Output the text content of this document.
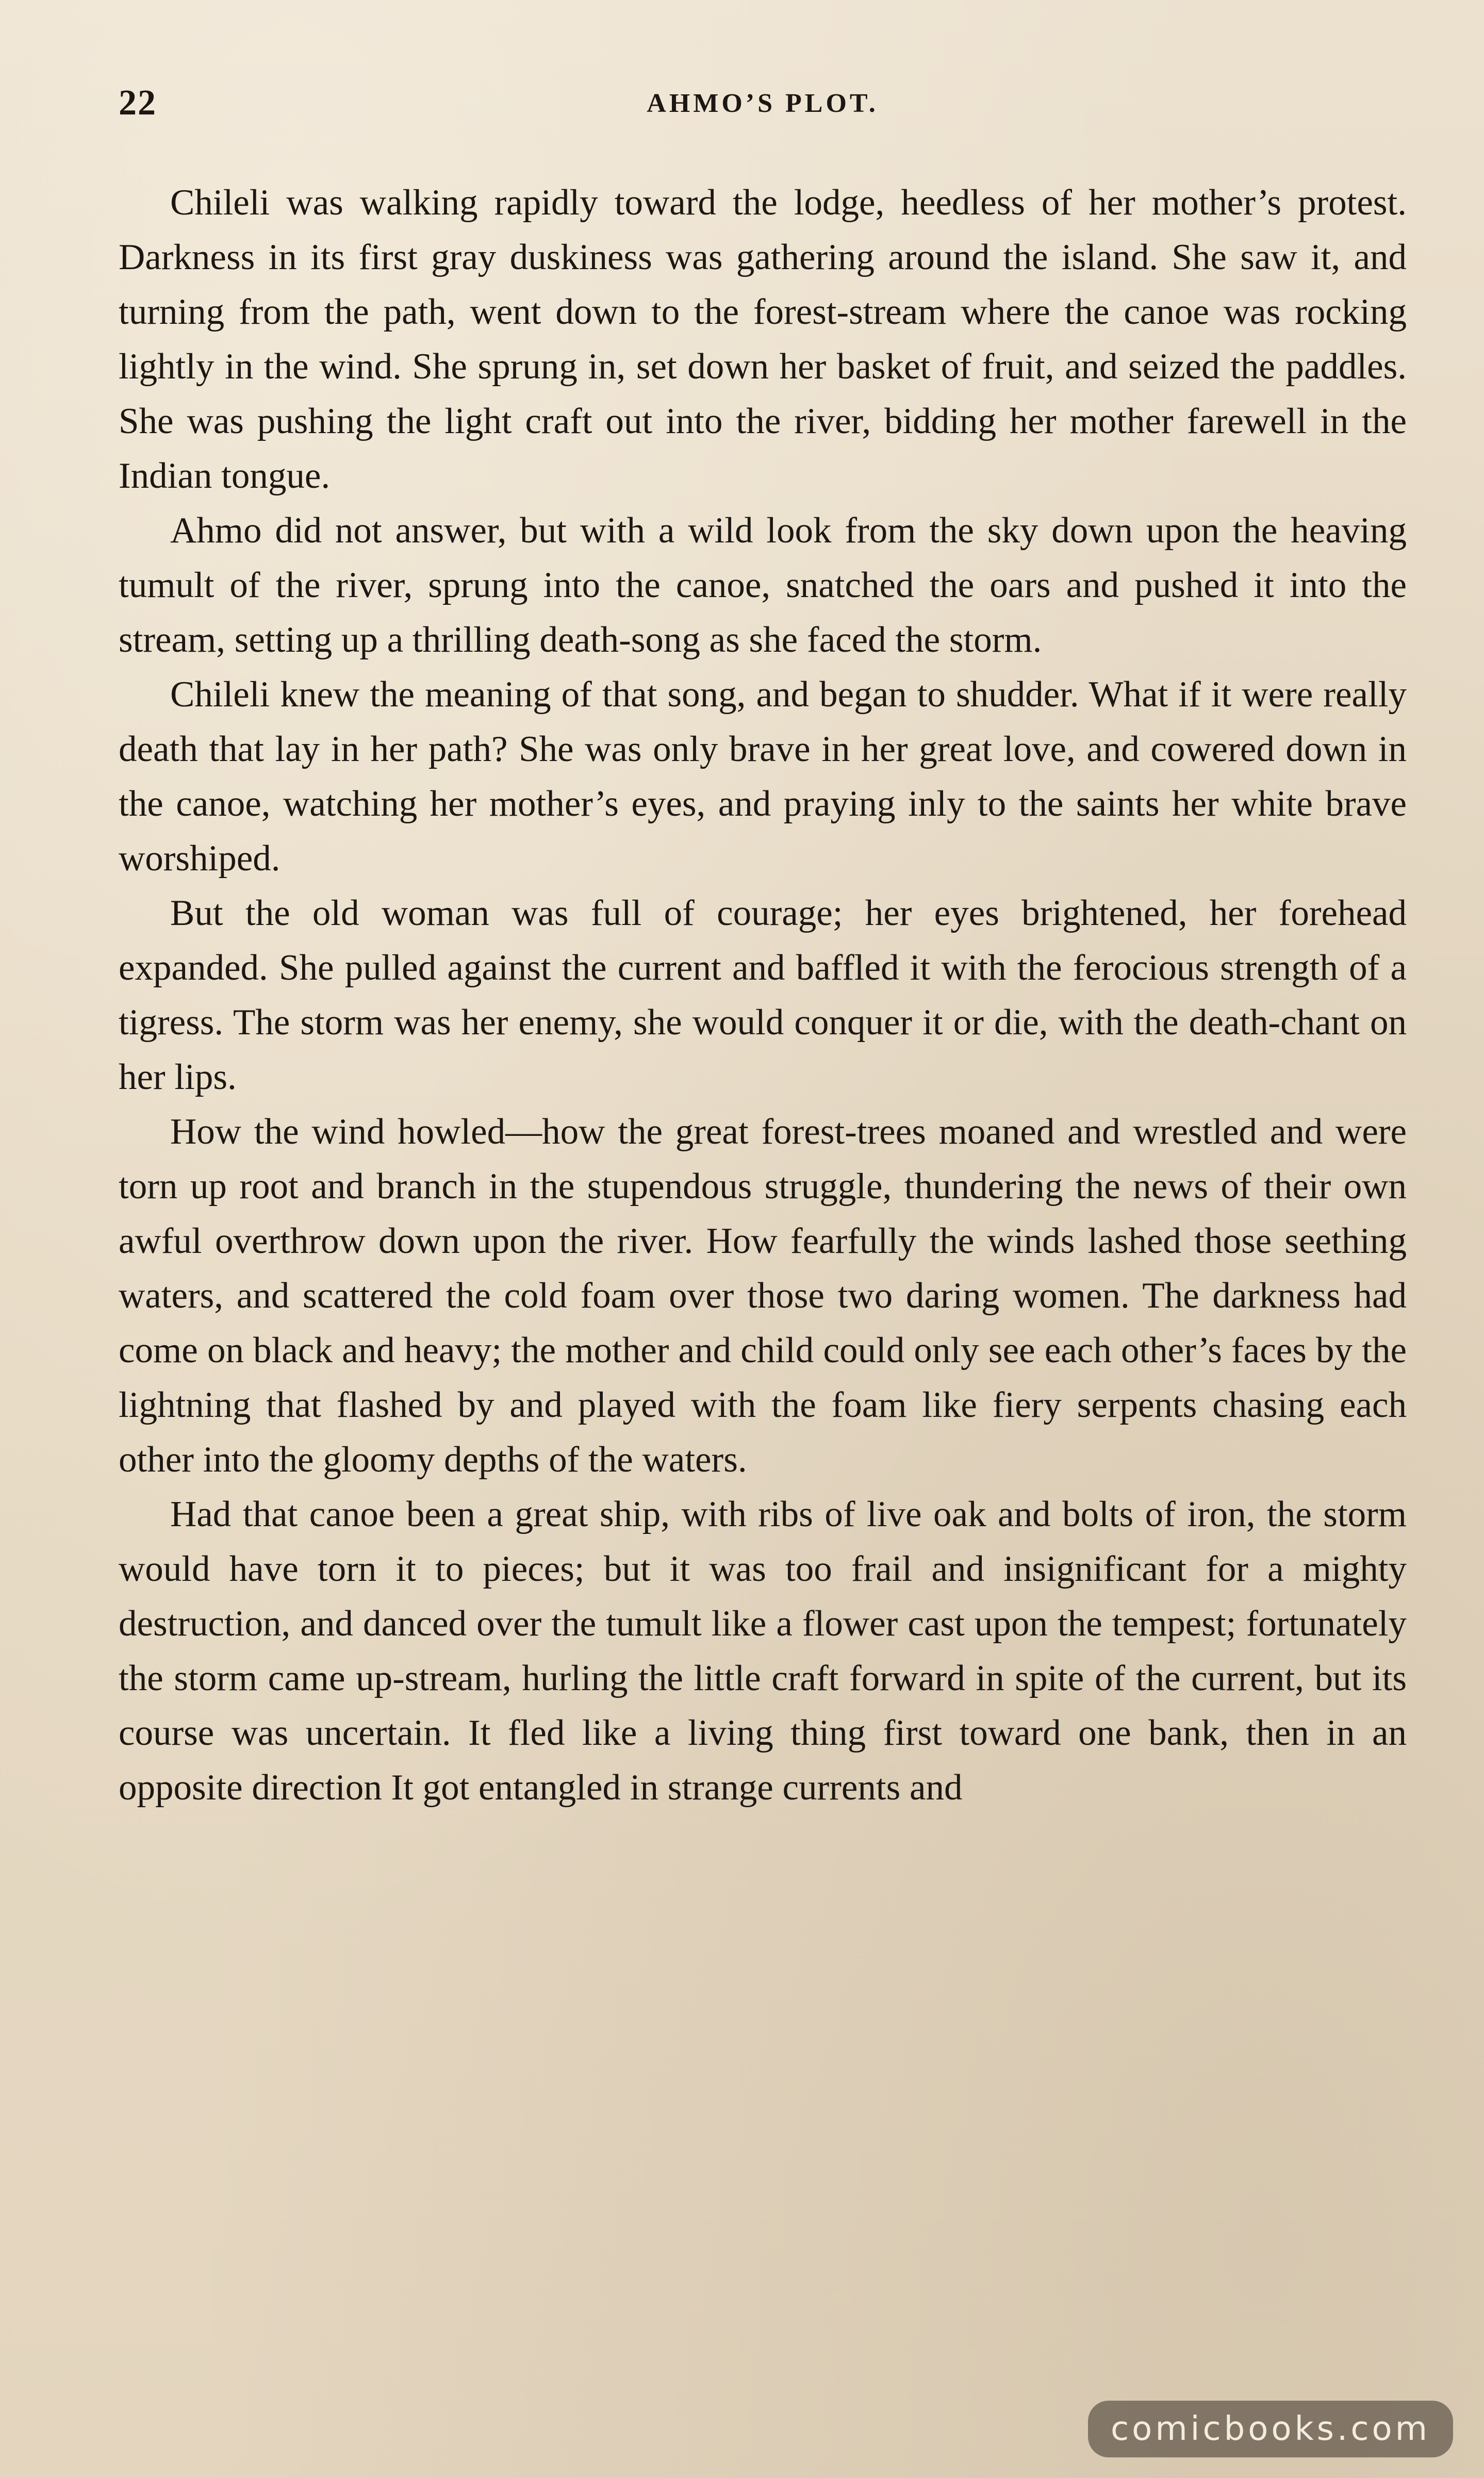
22	AHMO’S PLOT.

Chileli was walking rapidly toward the lodge, heedless of her mother’s protest. Darkness in its first gray duskiness was gathering around the island. She saw it, and turning from the path, went down to the forest-stream where the canoe was rocking lightly in the wind. She sprung in, set down her basket of fruit, and seized the paddles. She was pushing the light craft out into the river, bidding her mother farewell in the Indian tongue.

Ahmo did not answer, but with a wild look from the sky down upon the heaving tumult of the river, sprung into the canoe, snatched the oars and pushed it into the stream, setting up a thrilling death-song as she faced the storm.

Chileli knew the meaning of that song, and began to shudder. What if it were really death that lay in her path? She was only brave in her great love, and cowered down in the canoe, watching her mother’s eyes, and praying inly to the saints her white brave worshiped.

But the old woman was full of courage; her eyes brightened, her forehead expanded. She pulled against the current and baffled it with the ferocious strength of a tigress. The storm was her enemy, she would conquer it or die, with the death-chant on her lips.

How the wind howled—how the great forest-trees moaned and wrestled and were torn up root and branch in the stupendous struggle, thundering the news of their own awful overthrow down upon the river. How fearfully the winds lashed those seething waters, and scattered the cold foam over those two daring women. The darkness had come on black and heavy; the mother and child could only see each other’s faces by the lightning that flashed by and played with the foam like fiery serpents chasing each other into the gloomy depths of the waters.

Had that canoe been a great ship, with ribs of live oak and bolts of iron, the storm would have torn it to pieces; but it was too frail and insignificant for a mighty destruction, and danced over the tumult like a flower cast upon the tempest; fortunately the storm came up-stream, hurling the little craft forward in spite of the current, but its course was uncertain. It fled like a living thing first toward one bank, then in an opposite direction It got entangled in strange currents and

comicbooks.com
